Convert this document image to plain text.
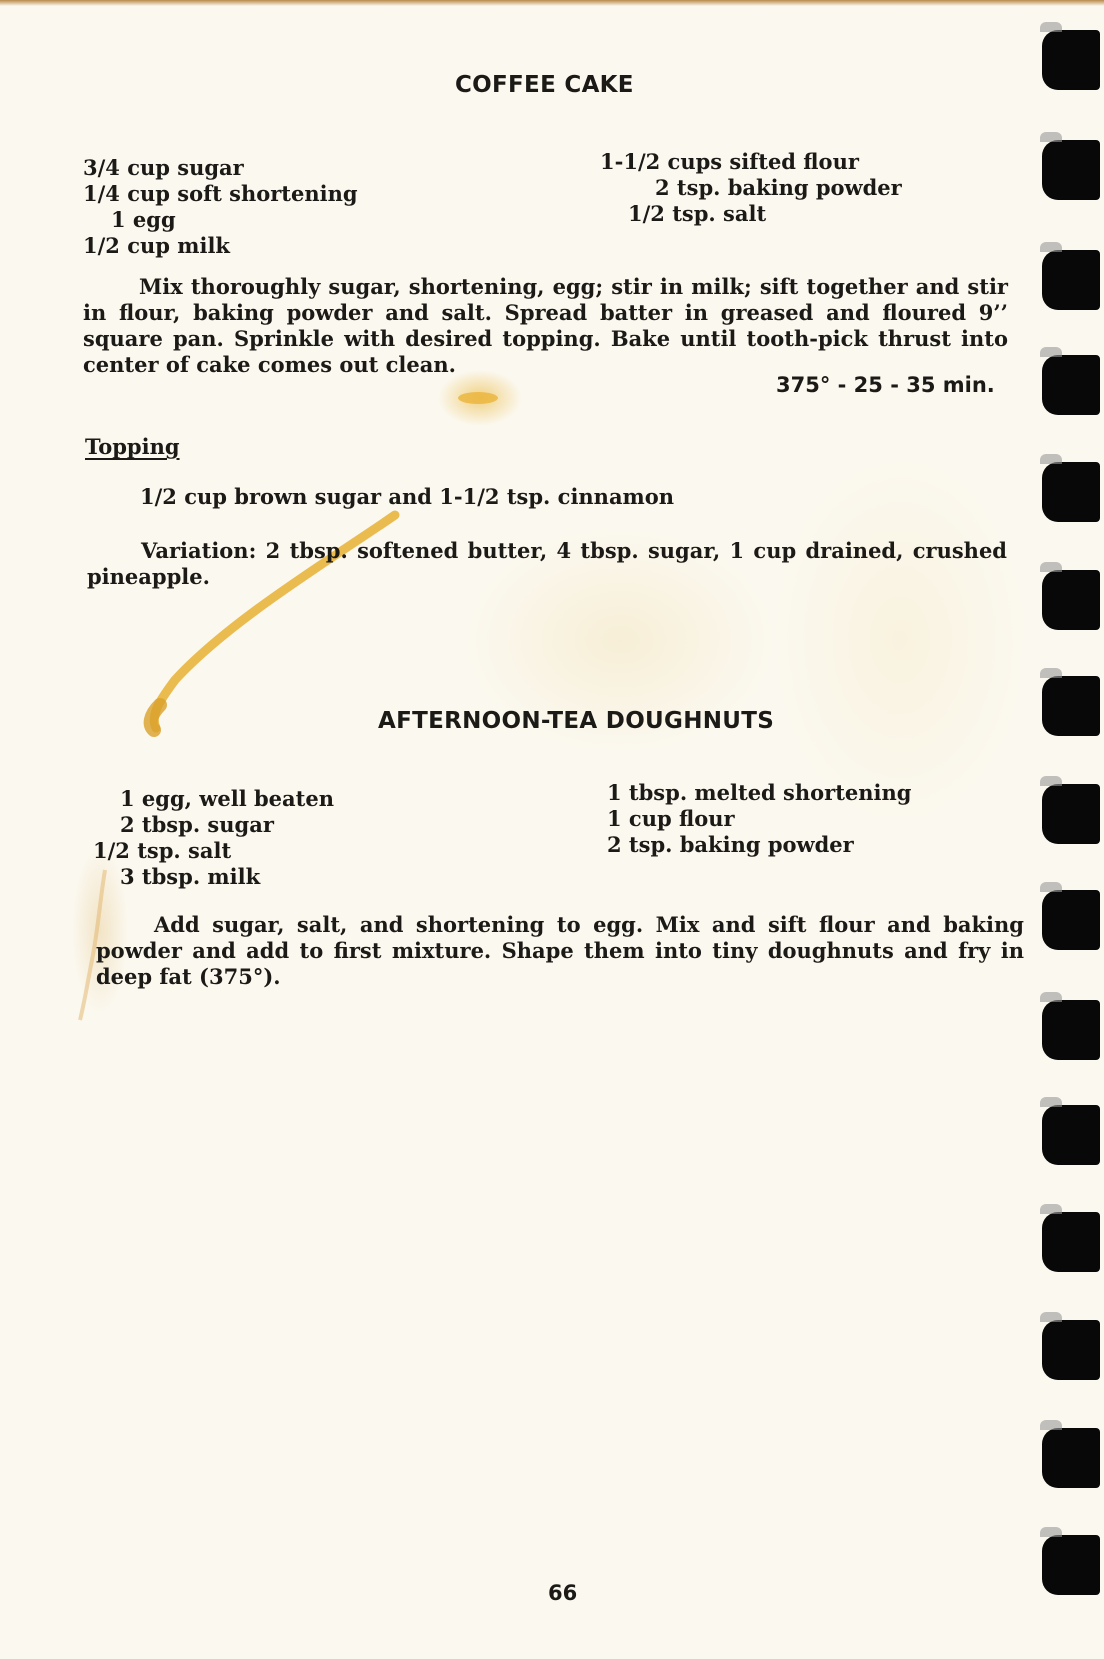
COFFEE CAKE
3/4 cup sugar
1/4 cup soft shortening
1 egg
1/2 cup milk
1-1/2 cups sifted flour
2 tsp. baking powder
1/2 tsp. salt
Mix thoroughly sugar, shortening, egg; stir in milk; sift together and stir in flour, baking powder and salt. Spread batter in greased and floured 9’’ square pan. Sprinkle with desired topping. Bake until tooth-pick thrust into center of cake comes out clean.
375° - 25 - 35 min.
Topping
1/2 cup brown sugar and 1-1/2 tsp. cinnamon
Variation: 2 tbsp. softened butter, 4 tbsp. sugar, 1 cup drained, crushed pineapple.
AFTERNOON-TEA DOUGHNUTS
1 egg, well beaten
2 tbsp. sugar
1/2 tsp. salt
3 tbsp. milk
1 tbsp. melted shortening
1 cup flour
2 tsp. baking powder
Add sugar, salt, and shortening to egg. Mix and sift flour and baking powder and add to first mixture. Shape them into tiny doughnuts and fry in deep fat (375°).
66
